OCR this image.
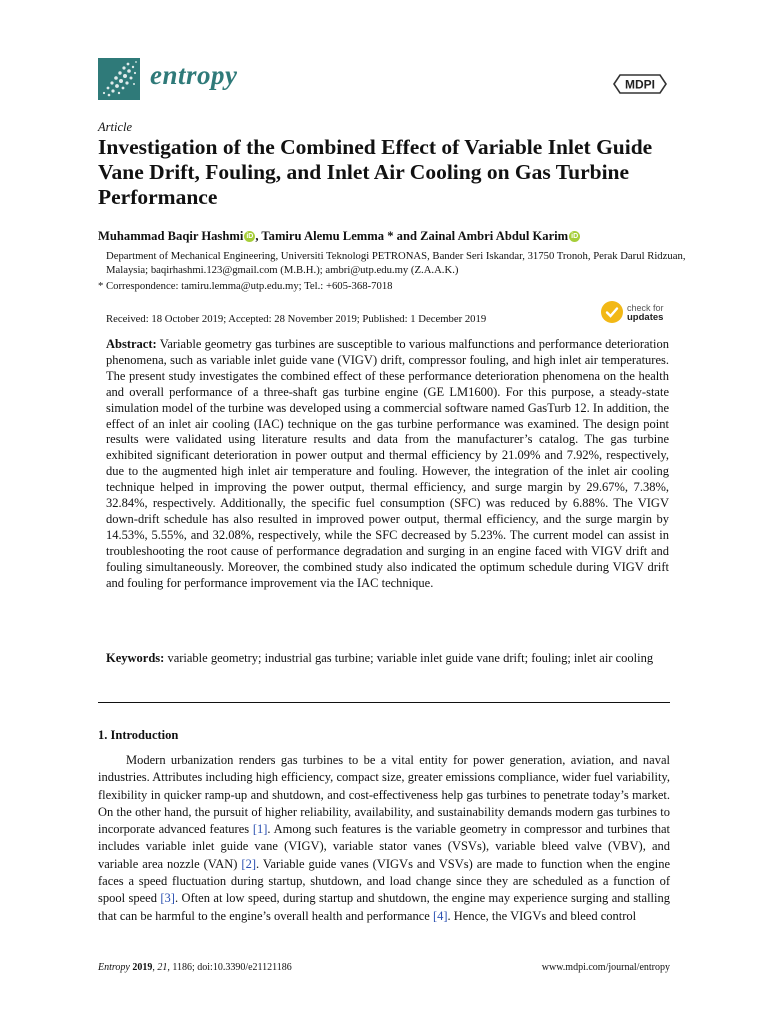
entropy	MDPI
Article
Investigation of the Combined Effect of Variable Inlet Guide Vane Drift, Fouling, and Inlet Air Cooling on Gas Turbine Performance
Muhammad Baqir Hashmi iD , Tamiru Alemu Lemma * and Zainal Ambri Abdul Karim iD
Department of Mechanical Engineering, Universiti Teknologi PETRONAS, Bander Seri Iskandar, 31750 Tronoh, Perak Darul Ridzuan, Malaysia; baqirhashmi.123@gmail.com (M.B.H.); ambri@utp.edu.my (Z.A.A.K.)
* Correspondence: tamiru.lemma@utp.edu.my; Tel.: +605-368-7018
Received: 18 October 2019; Accepted: 28 November 2019; Published: 1 December 2019
check for
updates
Abstract: Variable geometry gas turbines are susceptible to various malfunctions and performance deterioration phenomena, such as variable inlet guide vane (VIGV) drift, compressor fouling, and high inlet air temperatures. The present study investigates the combined effect of these performance deterioration phenomena on the health and overall performance of a three-shaft gas turbine engine (GE LM1600). For this purpose, a steady-state simulation model of the turbine was developed using a commercial software named GasTurb 12. In addition, the effect of an inlet air cooling (IAC) technique on the gas turbine performance was examined. The design point results were validated using literature results and data from the manufacturer’s catalog. The gas turbine exhibited significant deterioration in power output and thermal efficiency by 21.09% and 7.92%, respectively, due to the augmented high inlet air temperature and fouling. However, the integration of the inlet air cooling technique helped in improving the power output, thermal efficiency, and surge margin by 29.67%, 7.38%, 32.84%, respectively. Additionally, the specific fuel consumption (SFC) was reduced by 6.88%. The VIGV down-drift schedule has also resulted in improved power output, thermal efficiency, and the surge margin by 14.53%, 5.55%, and 32.08%, respectively, while the SFC decreased by 5.23%. The current model can assist in troubleshooting the root cause of performance degradation and surging in an engine faced with VIGV drift and fouling simultaneously. Moreover, the combined study also indicated the optimum schedule during VIGV drift and fouling for performance improvement via the IAC technique.
Keywords: variable geometry; industrial gas turbine; variable inlet guide vane drift; fouling; inlet air cooling
1. Introduction

Modern urbanization renders gas turbines to be a vital entity for power generation, aviation, and naval industries. Attributes including high efficiency, compact size, greater emissions compliance, wider fuel variability, flexibility in quicker ramp-up and shutdown, and cost-effectiveness help gas turbines to penetrate today’s market. On the other hand, the pursuit of higher reliability, availability, and sustainability demands modern gas turbines to incorporate advanced features [1]. Among such features is the variable geometry in compressor and turbines that includes variable inlet guide vane (VIGV), variable stator vanes (VSVs), variable bleed valve (VBV), and variable area nozzle (VAN) [2]. Variable guide vanes (VIGVs and VSVs) are made to function when the engine faces a speed fluctuation during startup, shutdown, and load change since they are scheduled as a function of spool speed [3]. Often at low speed, during startup and shutdown, the engine may experience surging and stalling that can be harmful to the engine’s overall health and performance [4]. Hence, the VIGVs and bleed control

Entropy 2019, 21, 1186; doi:10.3390/e21121186	www.mdpi.com/journal/entropy
